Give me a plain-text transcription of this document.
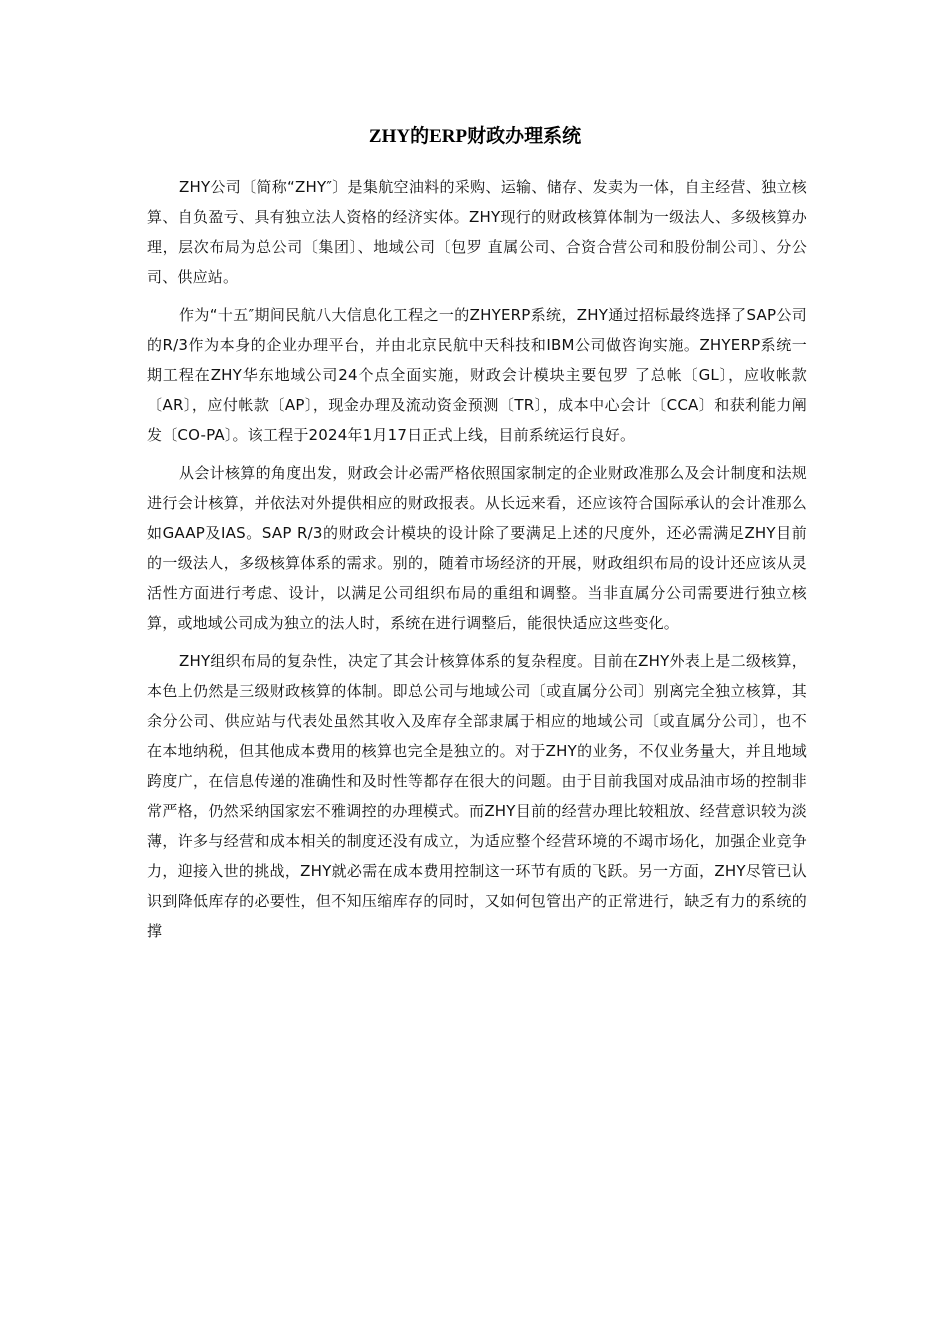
ZHY的ERP财政办理系统

ZHY公司〔简称“ZHY″〕是集航空油料的采购、运输、储存、发卖为一体，自主经营、独立核算、自负盈亏、具有独立法人资格的经济实体。ZHY现行的财政核算体制为一级法人、多级核算办理，层次布局为总公司〔集团〕、地域公司〔包罗 直属公司、合资合营公司和股份制公司〕、分公司、供应站。

作为“十五″期间民航八大信息化工程之一的ZHYERP系统，ZHY通过招标最终选择了SAP公司的R/3作为本身的企业办理平台，并由北京民航中天科技和IBM公司做咨询实施。ZHYERP系统一期工程在ZHY华东地域公司24个点全面实施，财政会计模块主要包罗 了总帐〔GL〕，应收帐款〔AR〕，应付帐款〔AP〕，现金办理及流动资金预测〔TR〕，成本中心会计〔CCA〕和获利能力阐发〔CO-PA〕。该工程于2024年1月17日正式上线，目前系统运行良好。

从会计核算的角度出发，财政会计必需严格依照国家制定的企业财政准那么及会计制度和法规进行会计核算，并依法对外提供相应的财政报表。从长远来看，还应该符合国际承认的会计准那么如GAAP及IAS。SAP R/3的财政会计模块的设计除了要满足上述的尺度外，还必需满足ZHY目前的一级法人，多级核算体系的需求。别的，随着市场经济的开展，财政组织布局的设计还应该从灵活性方面进行考虑、设计，以满足公司组织布局的重组和调整。当非直属分公司需要进行独立核算，或地域公司成为独立的法人时，系统在进行调整后，能很快适应这些变化。

ZHY组织布局的复杂性，决定了其会计核算体系的复杂程度。目前在ZHY外表上是二级核算，本色上仍然是三级财政核算的体制。即总公司与地域公司〔或直属分公司〕别离完全独立核算，其余分公司、供应站与代表处虽然其收入及库存全部隶属于相应的地域公司〔或直属分公司〕，也不在本地纳税，但其他成本费用的核算也完全是独立的。对于ZHY的业务，不仅业务量大，并且地域跨度广，在信息传递的准确性和及时性等都存在很大的问题。由于目前我国对成品油市场的控制非常严格，仍然采纳国家宏不雅调控的办理模式。而ZHY目前的经营办理比较粗放、经营意识较为淡薄，许多与经营和成本相关的制度还没有成立，为适应整个经营环境的不竭市场化，加强企业竞争力，迎接入世的挑战，ZHY就必需在成本费用控制这一环节有质的飞跃。另一方面，ZHY尽管已认识到降低库存的必要性，但不知压缩库存的同时，又如何包管出产的正常进行，缺乏有力的系统的撑
